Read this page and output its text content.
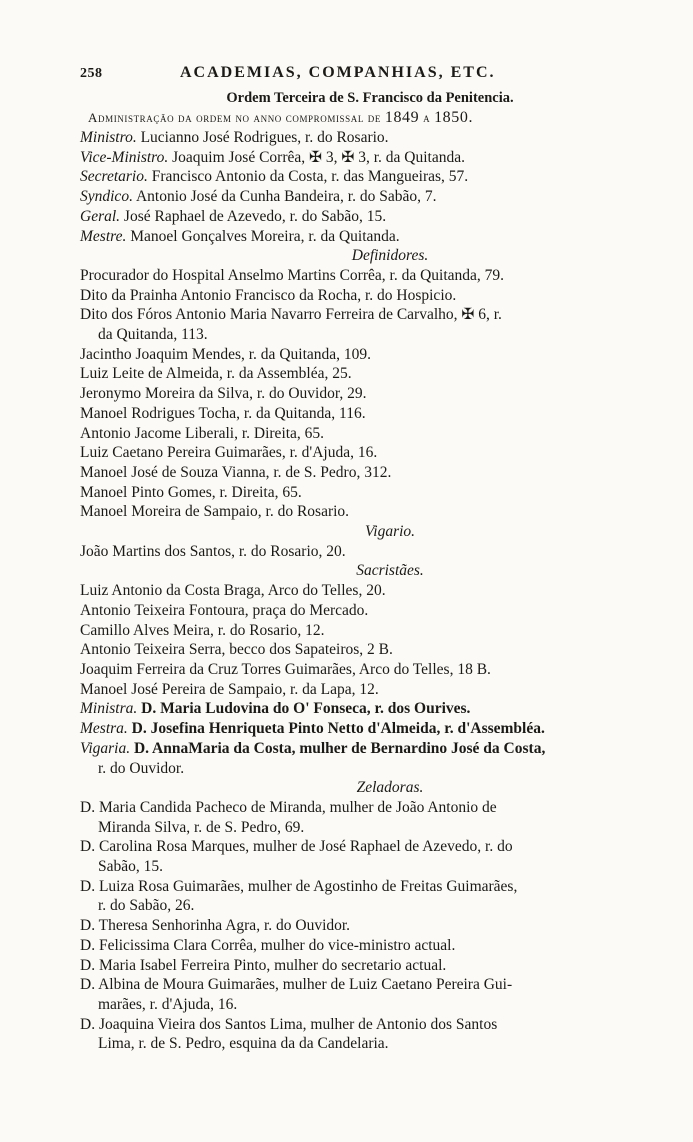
258	ACADEMIAS, COMPANHIAS, ETC.
Ordem Terceira de S. Francisco da Penitencia.
Administração da ordem no anno compromissal de 1849 a 1850.
Ministro. Lucianno José Rodrigues, r. do Rosario.
Vice-Ministro. Joaquim José Corrêa, ✠ 3, ✠ 3, r. da Quitanda.
Secretario. Francisco Antonio da Costa, r. das Mangueiras, 57.
Syndico. Antonio José da Cunha Bandeira, r. do Sabão, 7.
Geral. José Raphael de Azevedo, r. do Sabão, 15.
Mestre. Manoel Gonçalves Moreira, r. da Quitanda.
Definidores.
Procurador do Hospital Anselmo Martins Corrêa, r. da Quitanda, 79.
Dito da Prainha Antonio Francisco da Rocha, r. do Hospicio.
Dito dos Fóros Antonio Maria Navarro Ferreira de Carvalho, ✠ 6, r.
da Quitanda, 113.
Jacintho Joaquim Mendes, r. da Quitanda, 109.
Luiz Leite de Almeida, r. da Assembléa, 25.
Jeronymo Moreira da Silva, r. do Ouvidor, 29.
Manoel Rodrigues Tocha, r. da Quitanda, 116.
Antonio Jacome Liberali, r. Direita, 65.
Luiz Caetano Pereira Guimarães, r. d'Ajuda, 16.
Manoel José de Souza Vianna, r. de S. Pedro, 312.
Manoel Pinto Gomes, r. Direita, 65.
Manoel Moreira de Sampaio, r. do Rosario.
Vigario.
João Martins dos Santos, r. do Rosario, 20.
Sacristães.
Luiz Antonio da Costa Braga, Arco do Telles, 20.
Antonio Teixeira Fontoura, praça do Mercado.
Camillo Alves Meira, r. do Rosario, 12.
Antonio Teixeira Serra, becco dos Sapateiros, 2 B.
Joaquim Ferreira da Cruz Torres Guimarães, Arco do Telles, 18 B.
Manoel José Pereira de Sampaio, r. da Lapa, 12.
Ministra. D. Maria Ludovina do O' Fonseca, r. dos Ourives.
Mestra. D. Josefina Henriqueta Pinto Netto d'Almeida, r. d'Assembléa.
Vigaria. D. AnnaMaria da Costa, mulher de Bernardino José da Costa,
r. do Ouvidor.
Zeladoras.
D. Maria Candida Pacheco de Miranda, mulher de João Antonio de
Miranda Silva, r. de S. Pedro, 69.
D. Carolina Rosa Marques, mulher de José Raphael de Azevedo, r. do
Sabão, 15.
D. Luiza Rosa Guimarães, mulher de Agostinho de Freitas Guimarães,
r. do Sabão, 26.
D. Theresa Senhorinha Agra, r. do Ouvidor.
D. Felicissima Clara Corrêa, mulher do vice-ministro actual.
D. Maria Isabel Ferreira Pinto, mulher do secretario actual.
D. Albina de Moura Guimarães, mulher de Luiz Caetano Pereira Gui-
marães, r. d'Ajuda, 16.
D. Joaquina Vieira dos Santos Lima, mulher de Antonio dos Santos
Lima, r. de S. Pedro, esquina da da Candelaria.
